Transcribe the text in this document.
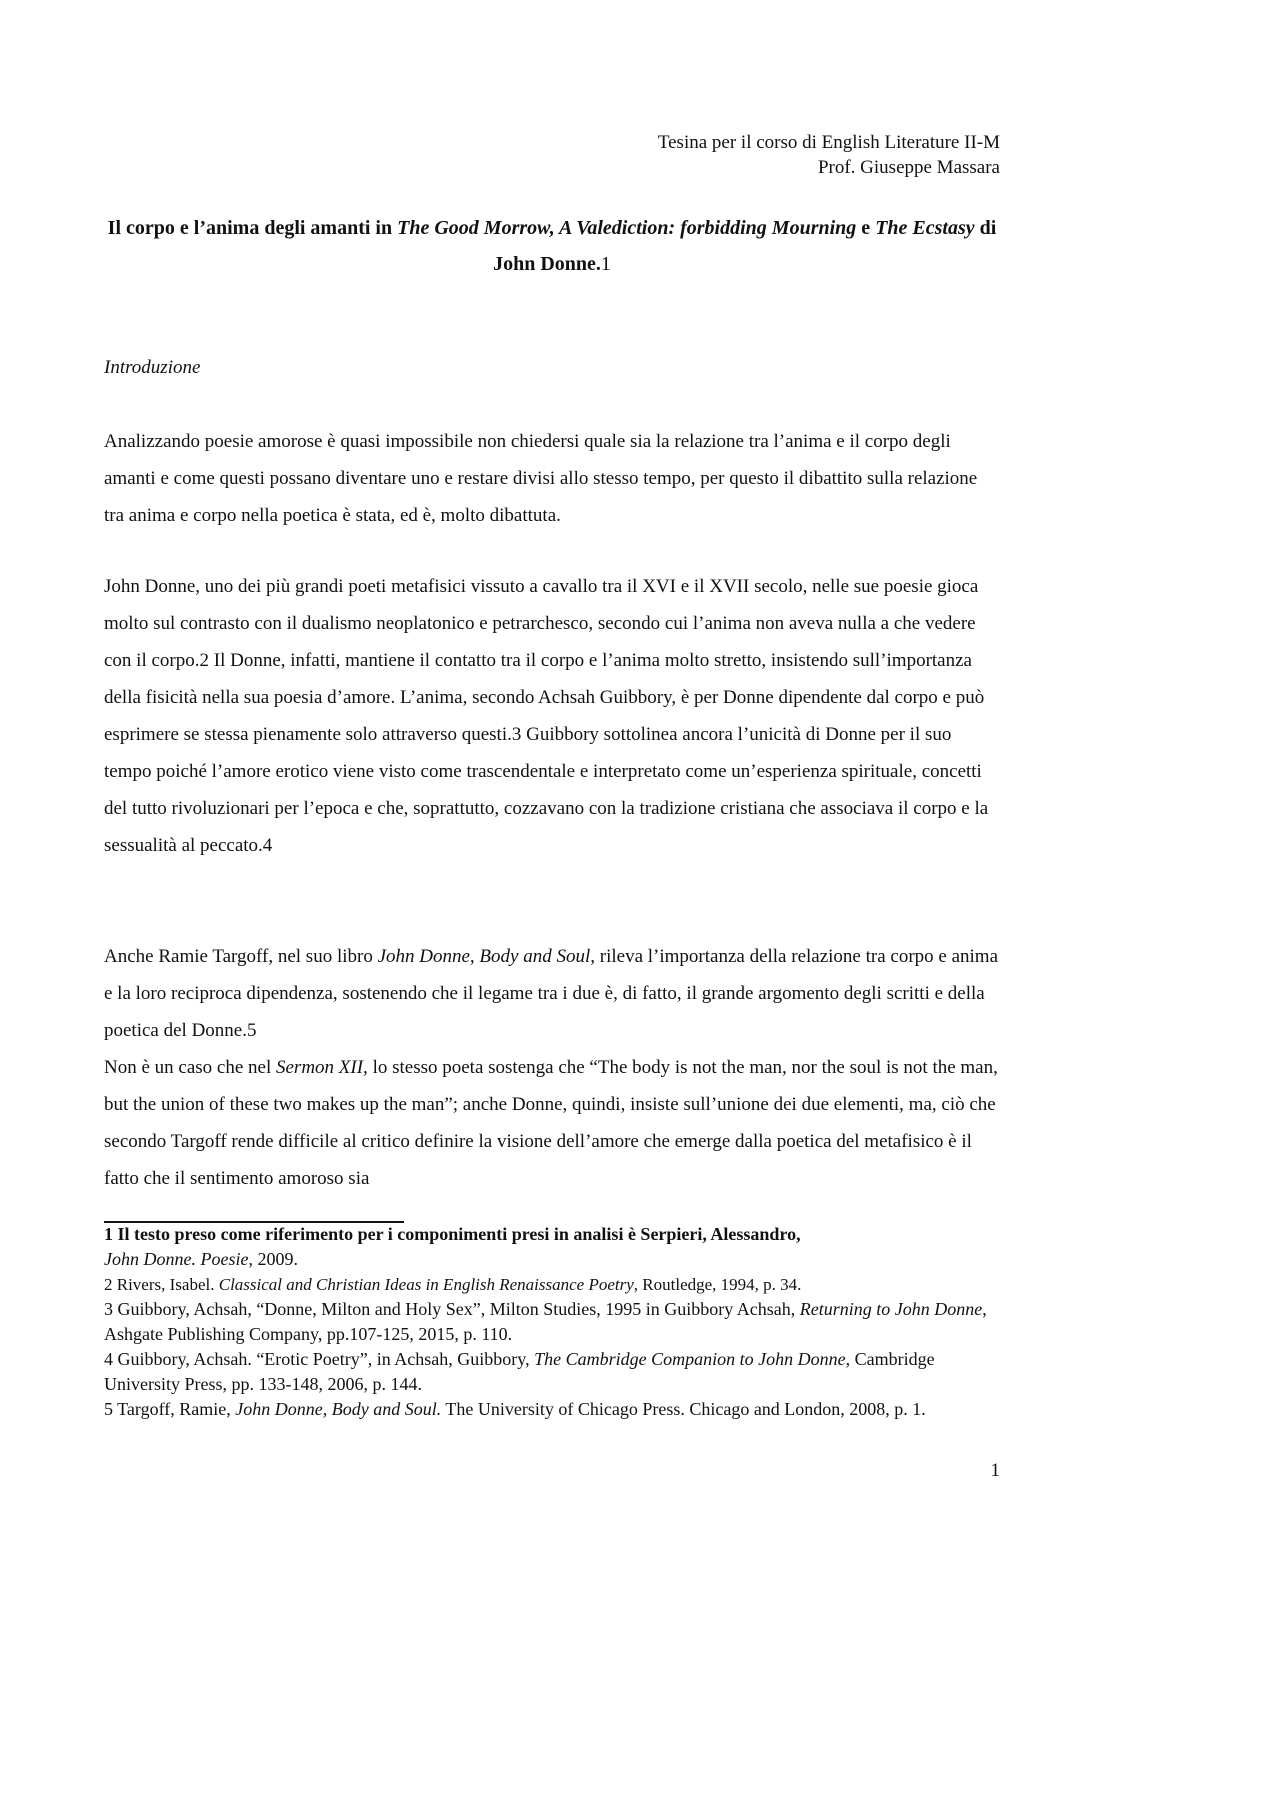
Tesina per il corso di English Literature II-M
Prof. Giuseppe Massara
Il corpo e l’anima degli amanti in The Good Morrow, A Valediction: forbidding Mourning e The Ecstasy di John Donne.1
Introduzione
Analizzando poesie amorose è quasi impossibile non chiedersi quale sia la relazione tra l’anima e il corpo degli amanti e come questi possano diventare uno e restare divisi allo stesso tempo, per questo il dibattito sulla relazione tra anima e corpo nella poetica è stata, ed è, molto dibattuta.
John Donne, uno dei più grandi poeti metafisici vissuto a cavallo tra il XVI e il XVII secolo, nelle sue poesie gioca molto sul contrasto con il dualismo neoplatonico e petrarchesco, secondo cui l’anima non aveva nulla a che vedere con il corpo.2 Il Donne, infatti, mantiene il contatto tra il corpo e l’anima molto stretto, insistendo sull’importanza della fisicità nella sua poesia d’amore. L’anima, secondo Achsah Guibbory, è per Donne dipendente dal corpo e può esprimere se stessa pienamente solo attraverso questi.3 Guibbory sottolinea ancora l’unicità di Donne per il suo tempo poiché l’amore erotico viene visto come trascendentale e interpretato come un’esperienza spirituale, concetti del tutto rivoluzionari per l’epoca e che, soprattutto, cozzavano con la tradizione cristiana che associava il corpo e la sessualità al peccato.4
Anche Ramie Targoff, nel suo libro John Donne, Body and Soul, rileva l’importanza della relazione tra corpo e anima e la loro reciproca dipendenza, sostenendo che il legame tra i due è, di fatto, il grande argomento degli scritti e della poetica del Donne.5
Non è un caso che nel Sermon XII, lo stesso poeta sostenga che “The body is not the man, nor the soul is not the man, but the union of these two makes up the man”; anche Donne, quindi, insiste sull’unione dei due elementi, ma, ciò che secondo Targoff rende difficile al critico definire la visione dell’amore che emerge dalla poetica del metafisico è il fatto che il sentimento amoroso sia

1 Il testo preso come riferimento per i componimenti presi in analisi è Serpieri, Alessandro,
John Donne. Poesie, 2009.

2 Rivers, Isabel. Classical and Christian Ideas in English Renaissance Poetry, Routledge, 1994, p. 34.

3 Guibbory, Achsah, “Donne, Milton and Holy Sex”, Milton Studies, 1995 in Guibbory Achsah, Returning to John Donne, Ashgate Publishing Company, pp.107-125, 2015, p. 110.

4 Guibbory, Achsah. “Erotic Poetry”, in Achsah, Guibbory, The Cambridge Companion to John Donne, Cambridge University Press, pp. 133-148, 2006, p. 144.

5 Targoff, Ramie, John Donne, Body and Soul. The University of Chicago Press. Chicago and London, 2008, p. 1.

1
